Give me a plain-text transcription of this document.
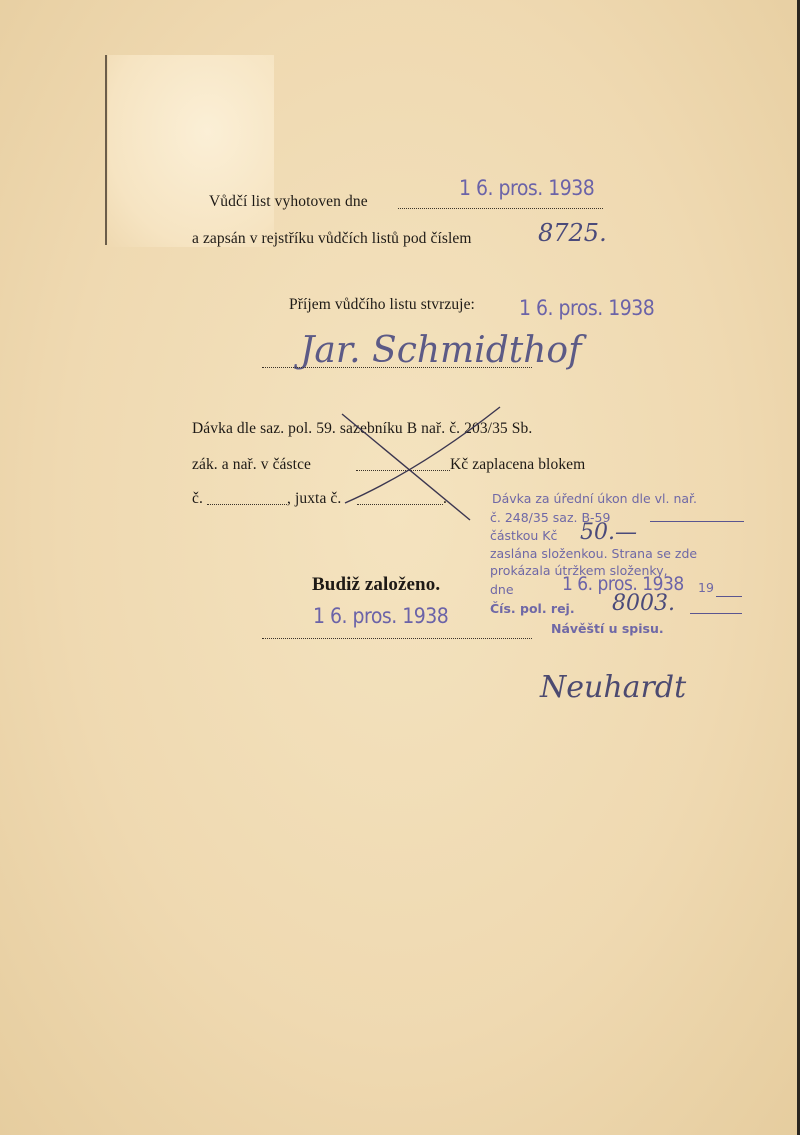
Vůdčí list vyhotoven dne
1 6. pros. 1938
a zapsán v rejstříku vůdčích listů pod číslem	8725.
Příjem vůdčího listu stvrzuje: 1 6. pros. 1938
Jar. Schmidthof
Dávka dle saz. pol. 59. sazebníku B nař. č. 203/35 Sb.
zák. a nař. v částce	Kč zaplacena blokem
č.	, juxta č.	.	Dávka za úřední úkon dle vl. nař.
č. 248/35 saz. B-59
částkou Kč 50.—
zaslána složenkou. Strana se zde
prokázala útržkem složenky,
dne	1 6. pros. 1938 19
Čís. pol. rej. 8003.
Návěští u spisu.
Budiž založeno.
1 6. pros. 1938
Neuhardt
